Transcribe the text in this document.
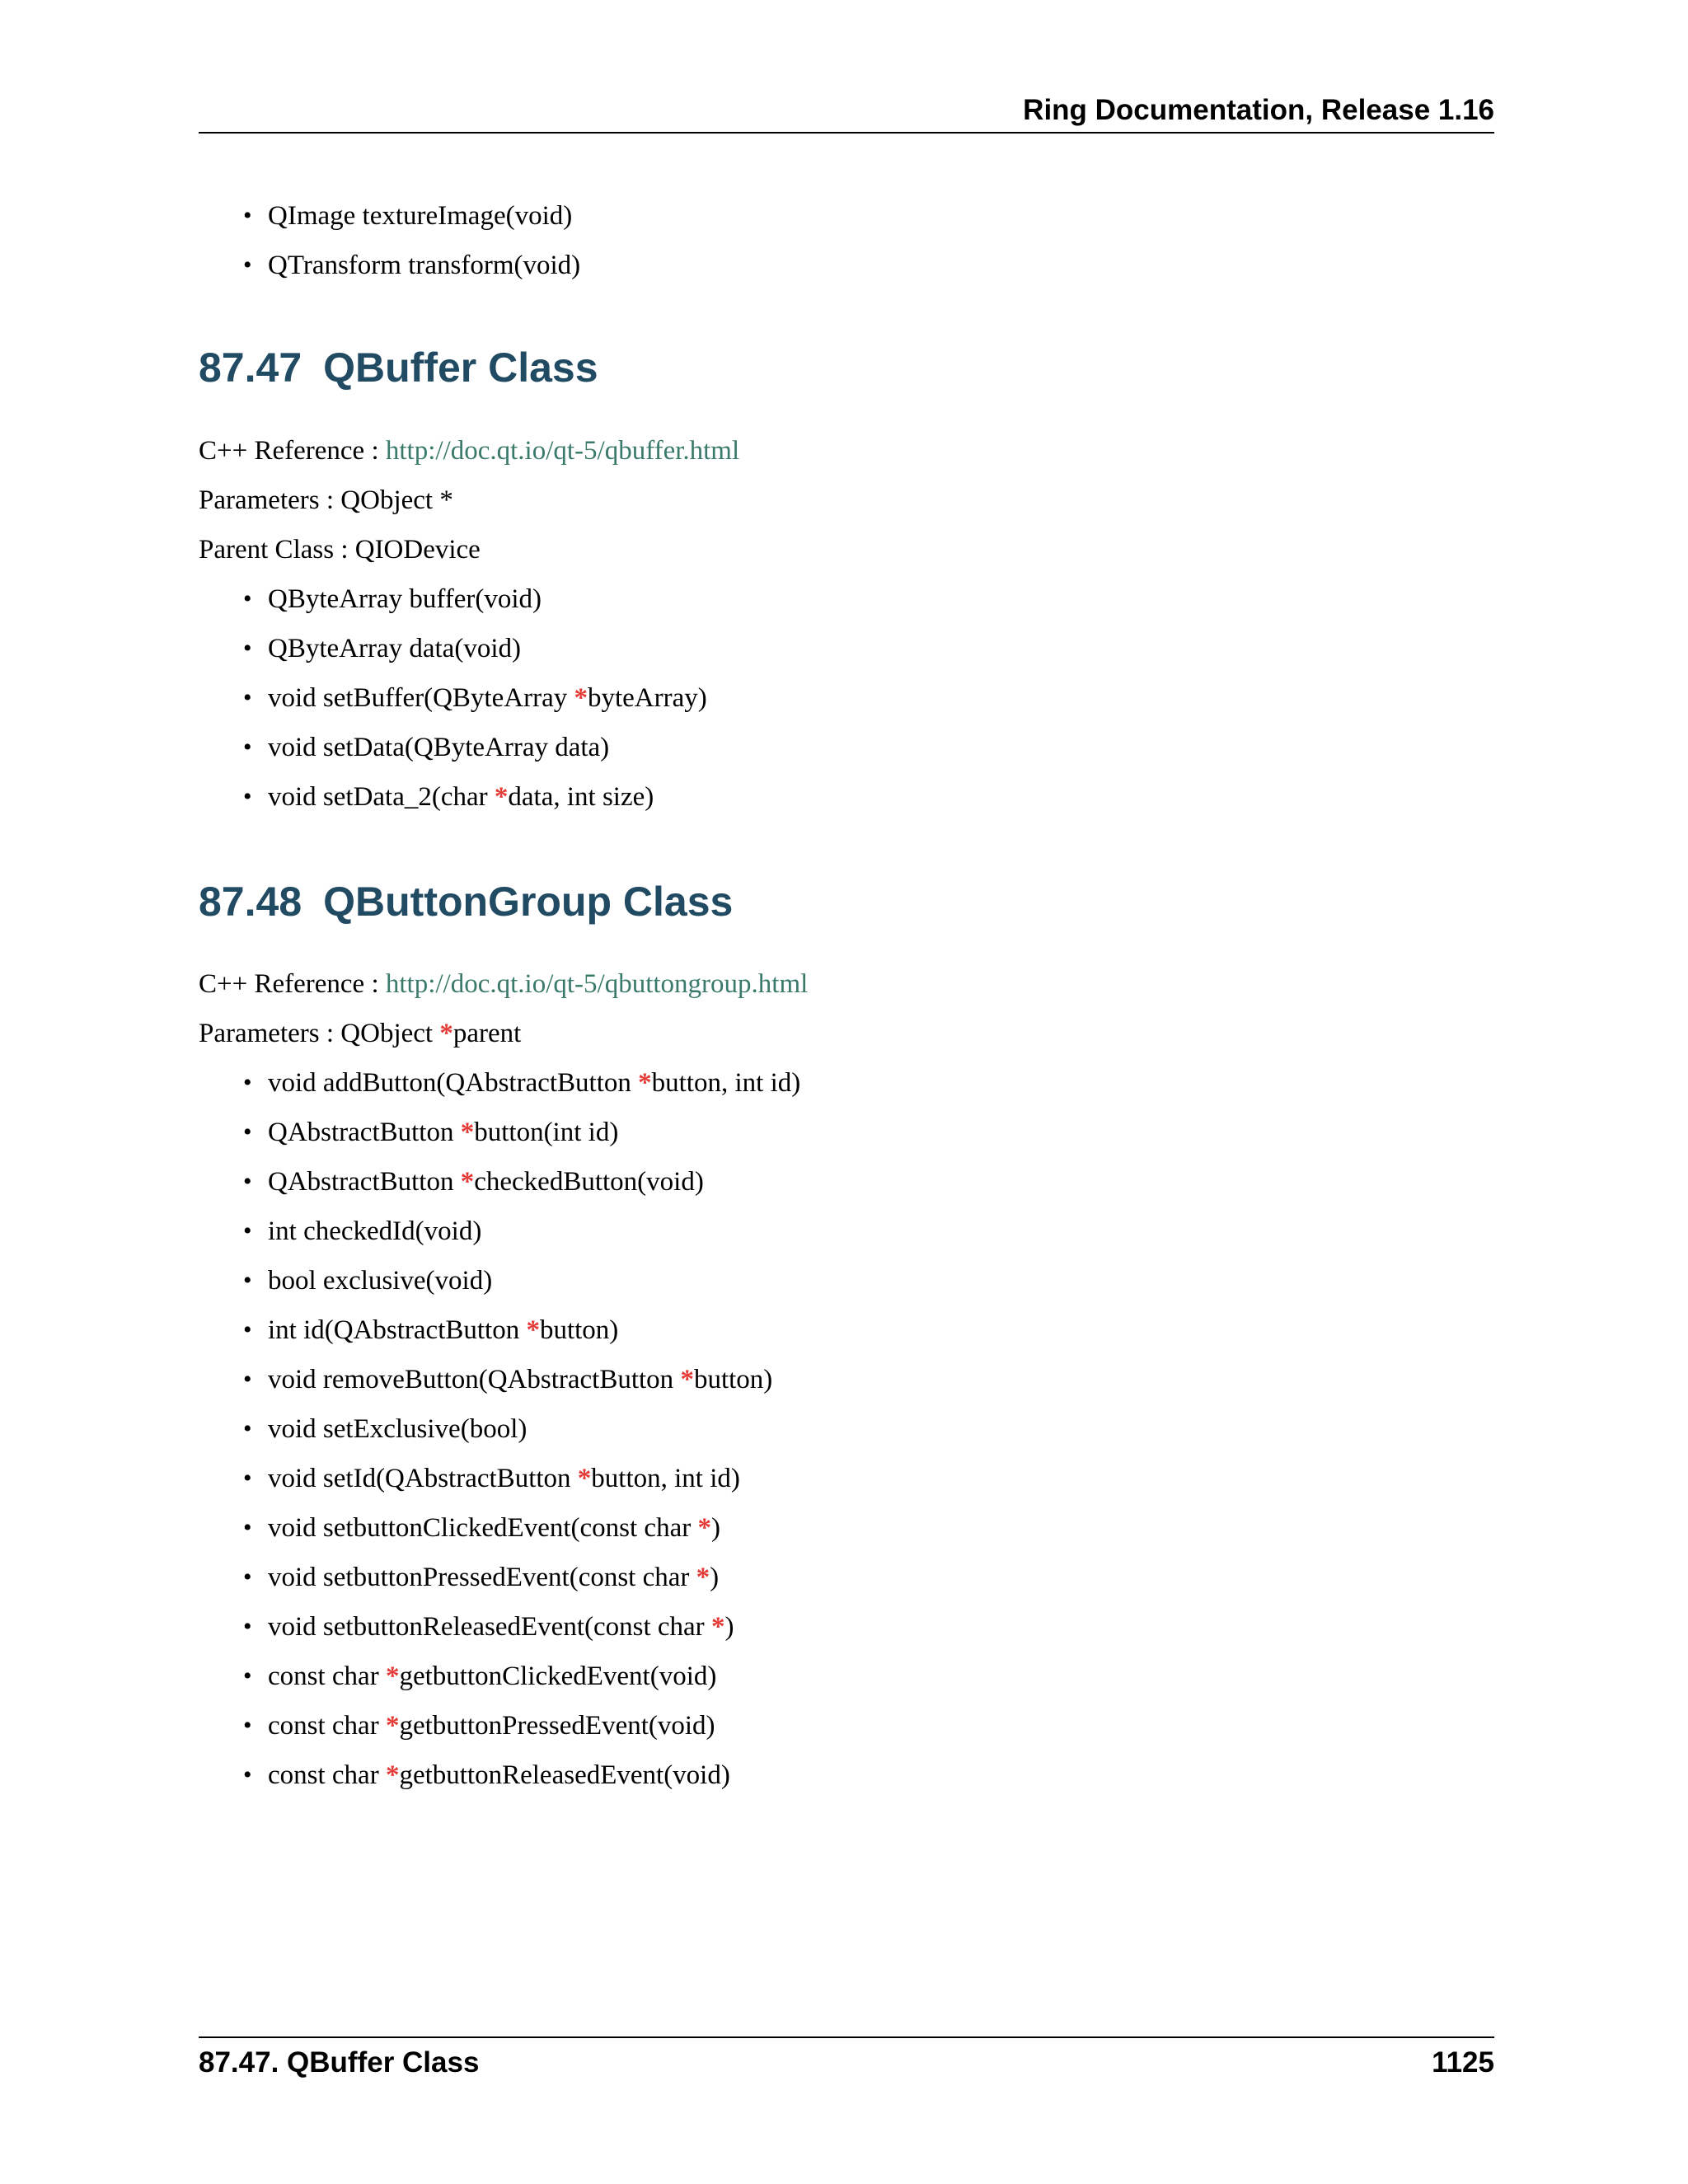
Ring Documentation, Release 1.16
• QImage textureImage(void)
• QTransform transform(void)
87.47 QBuffer Class
C++ Reference : http://doc.qt.io/qt-5/qbuffer.html
Parameters : QObject *
Parent Class : QIODevice
• QByteArray buffer(void)
• QByteArray data(void)
• void setBuffer(QByteArray *byteArray)
• void setData(QByteArray data)
• void setData_2(char *data, int size)
87.48 QButtonGroup Class
C++ Reference : http://doc.qt.io/qt-5/qbuttongroup.html
Parameters : QObject *parent
• void addButton(QAbstractButton *button, int id)
• QAbstractButton *button(int id)
• QAbstractButton *checkedButton(void)
• int checkedId(void)
• bool exclusive(void)
• int id(QAbstractButton *button)
• void removeButton(QAbstractButton *button)
• void setExclusive(bool)
• void setId(QAbstractButton *button, int id)
• void setbuttonClickedEvent(const char *)
• void setbuttonPressedEvent(const char *)
• void setbuttonReleasedEvent(const char *)
• const char *getbuttonClickedEvent(void)
• const char *getbuttonPressedEvent(void)
• const char *getbuttonReleasedEvent(void)
87.47. QBuffer Class	1125
